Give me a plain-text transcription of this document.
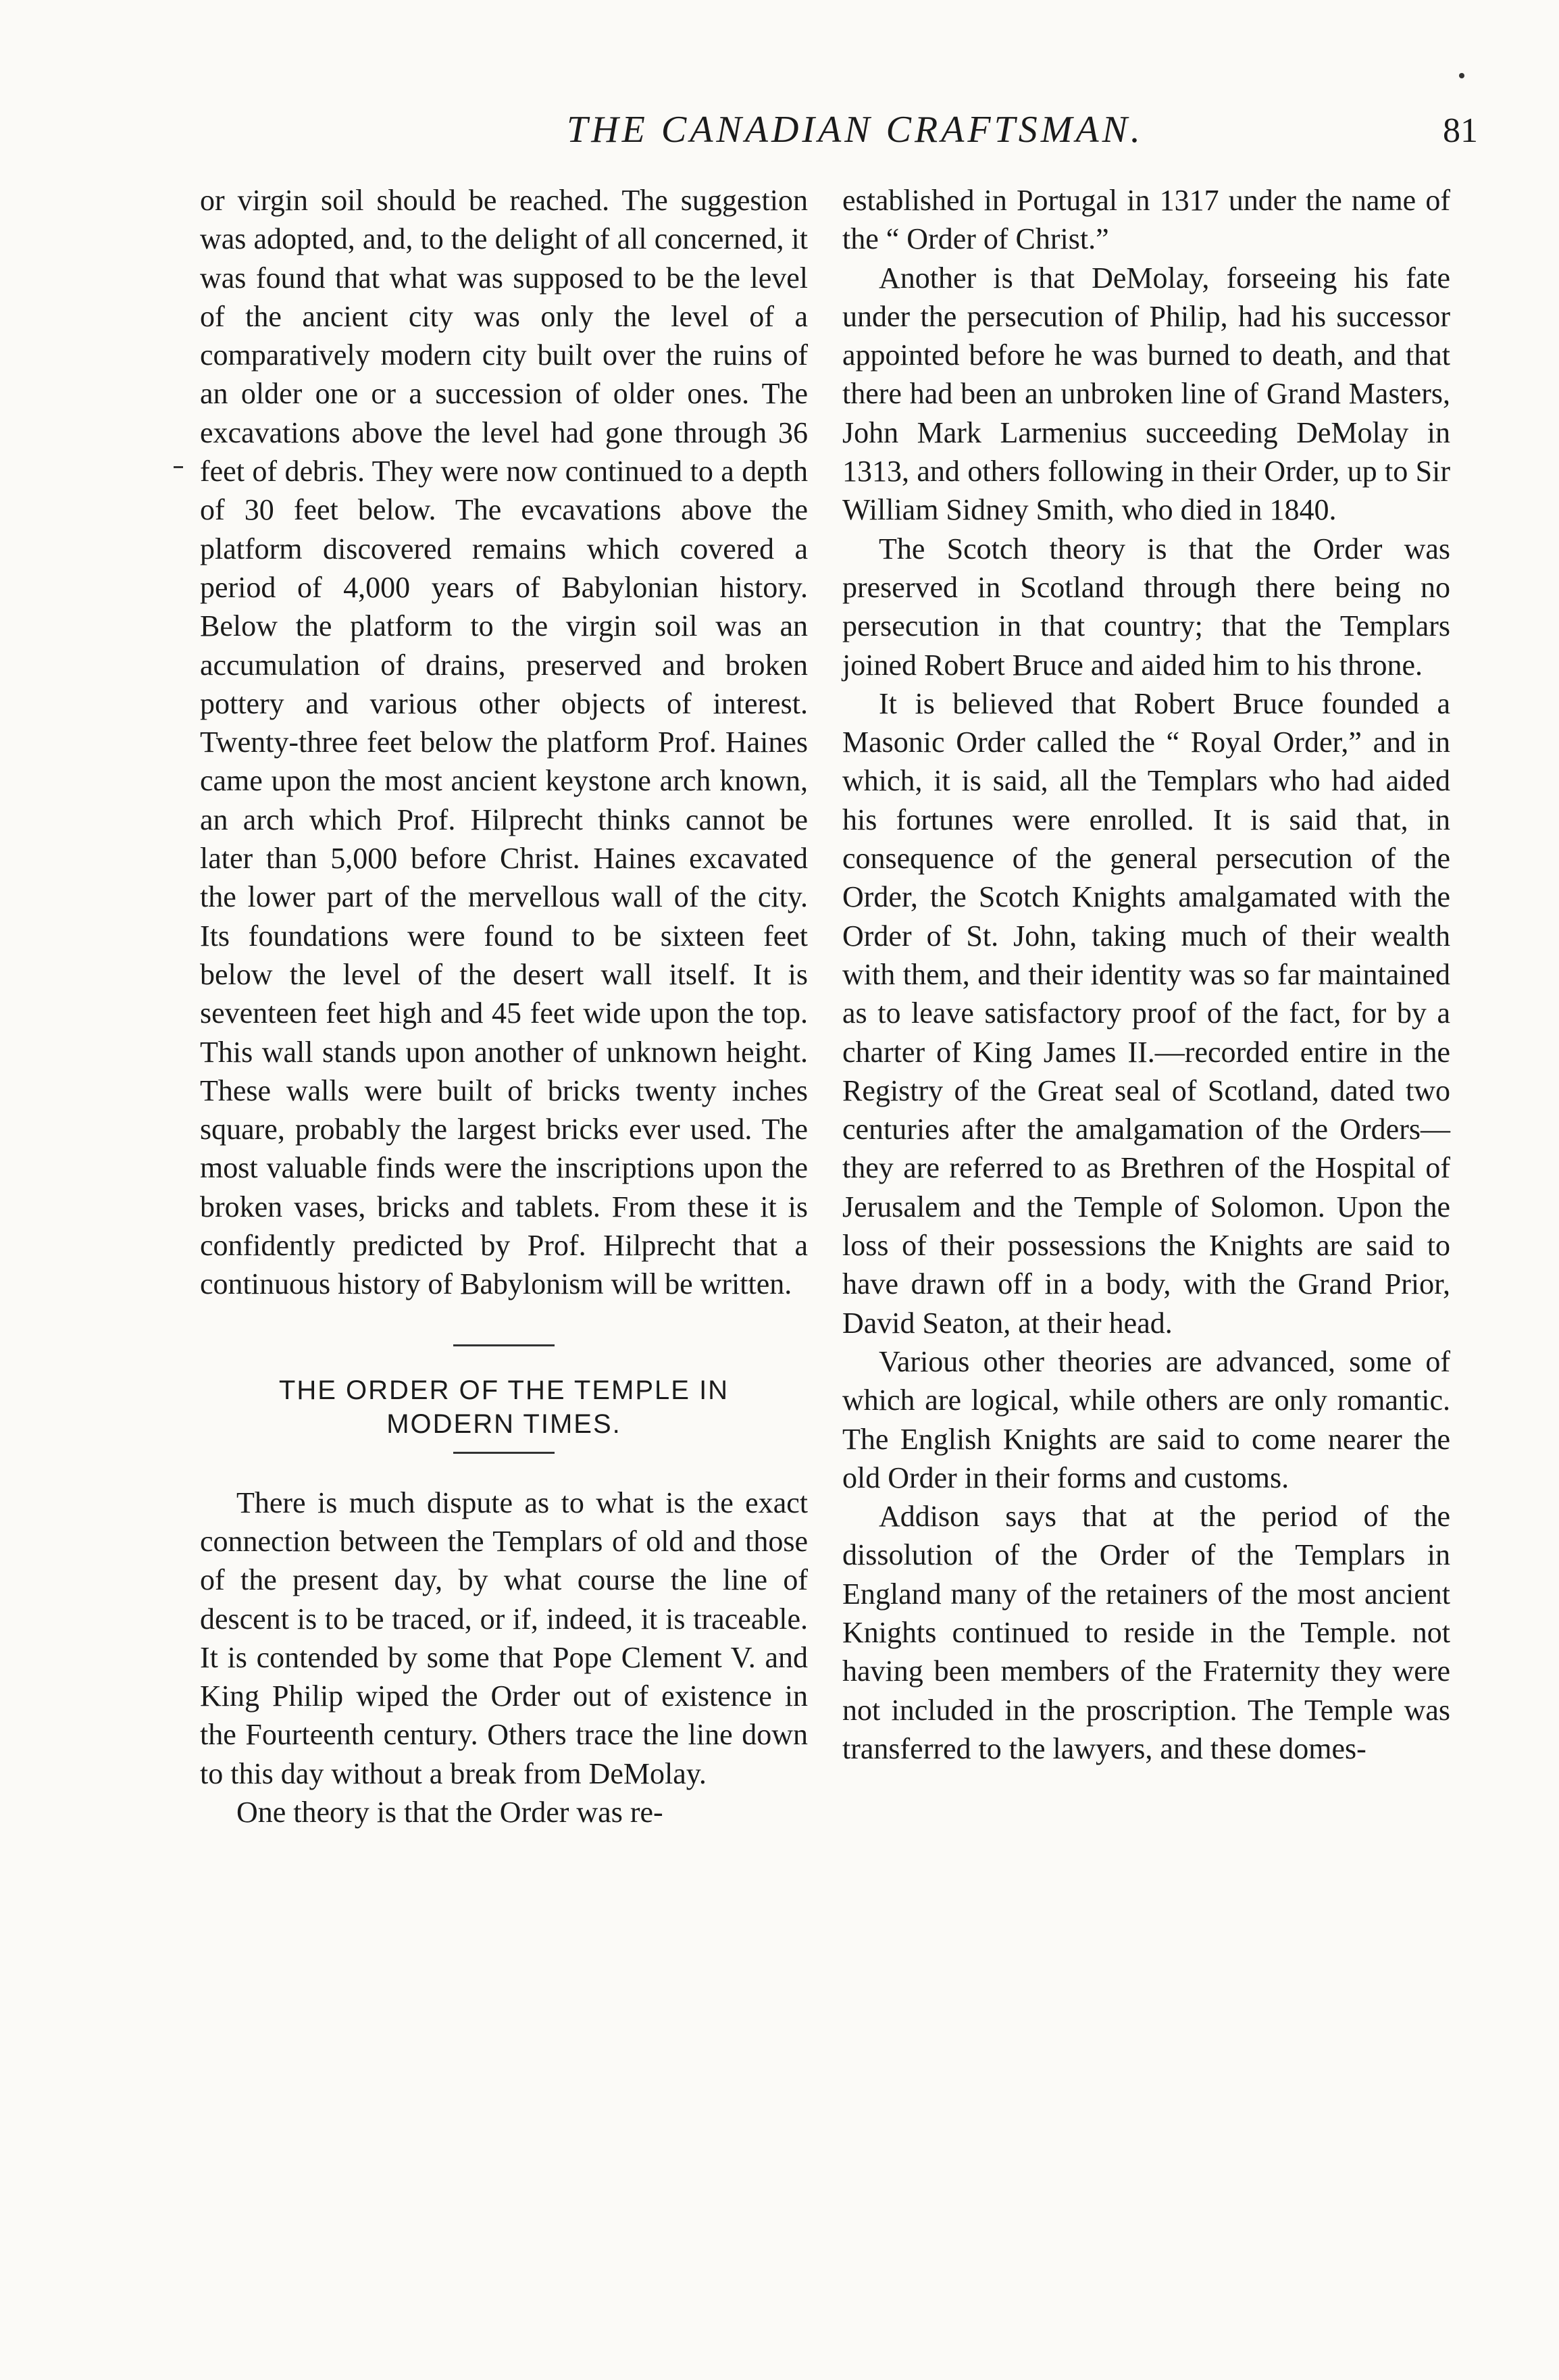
THE CANADIAN CRAFTSMAN.	81

or virgin soil should be reached. The suggestion was adopted, and, to the delight of all concerned, it was found that what was supposed to be the level of the ancient city was only the level of a comparatively modern city built over the ruins of an older one or a succession of older ones. The excavations above the level had gone through 36 feet of debris. They were now continued to a depth of 30 feet below. The evcavations above the platform discovered remains which covered a period of 4,000 years of Babylonian history. Below the platform to the virgin soil was an accumulation of drains, preserved and broken pottery and various other objects of interest. Twenty-three feet below the platform Prof. Haines came upon the most ancient keystone arch known, an arch which Prof. Hilprecht thinks cannot be later than 5,000 before Christ. Haines excavated the lower part of the mervellous wall of the city. Its foundations were found to be sixteen feet below the level of the desert wall itself. It is seventeen feet high and 45 feet wide upon the top. This wall stands upon another of unknown height. These walls were built of bricks twenty inches square, probably the largest bricks ever used. The most valuable finds were the inscriptions upon the broken vases, bricks and tablets. From these it is confidently predicted by Prof. Hilprecht that a continuous history of Babylonism will be written.

THE ORDER OF THE TEMPLE IN

MODERN TIMES.

There is much dispute as to what is the exact connection between the Templars of old and those of the present day, by what course the line of descent is to be traced, or if, indeed, it is traceable. It is contended by some that Pope Clement V. and King Philip wiped the Order out of existence in the Fourteenth century. Others trace the line down to this day without a break from DeMolay.

One theory is that the Order was re-

established in Portugal in 1317 under the name of the “ Order of Christ.”

Another is that DeMolay, forseeing his fate under the persecution of Philip, had his successor appointed before he was burned to death, and that there had been an unbroken line of Grand Masters, John Mark Larmenius succeeding DeMolay in 1313, and others following in their Order, up to Sir William Sidney Smith, who died in 1840.

The Scotch theory is that the Order was preserved in Scotland through there being no persecution in that country; that the Templars joined Robert Bruce and aided him to his throne.

It is believed that Robert Bruce founded a Masonic Order called the “ Royal Order,” and in which, it is said, all the Templars who had aided his fortunes were enrolled. It is said that, in consequence of the general persecution of the Order, the Scotch Knights amalgamated with the Order of St. John, taking much of their wealth with them, and their identity was so far maintained as to leave satisfactory proof of the fact, for by a charter of King James II.—recorded entire in the Registry of the Great seal of Scotland, dated two centuries after the amalgamation of the Orders—they are referred to as Brethren of the Hospital of Jerusalem and the Temple of Solomon. Upon the loss of their possessions the Knights are said to have drawn off in a body, with the Grand Prior, David Seaton, at their head.

Various other theories are advanced, some of which are logical, while others are only romantic. The English Knights are said to come nearer the old Order in their forms and customs.

Addison says that at the period of the dissolution of the Order of the Templars in England many of the retainers of the most ancient Knights continued to reside in the Temple. not having been members of the Fraternity they were not included in the proscription. The Temple was transferred to the lawyers, and these domes-
